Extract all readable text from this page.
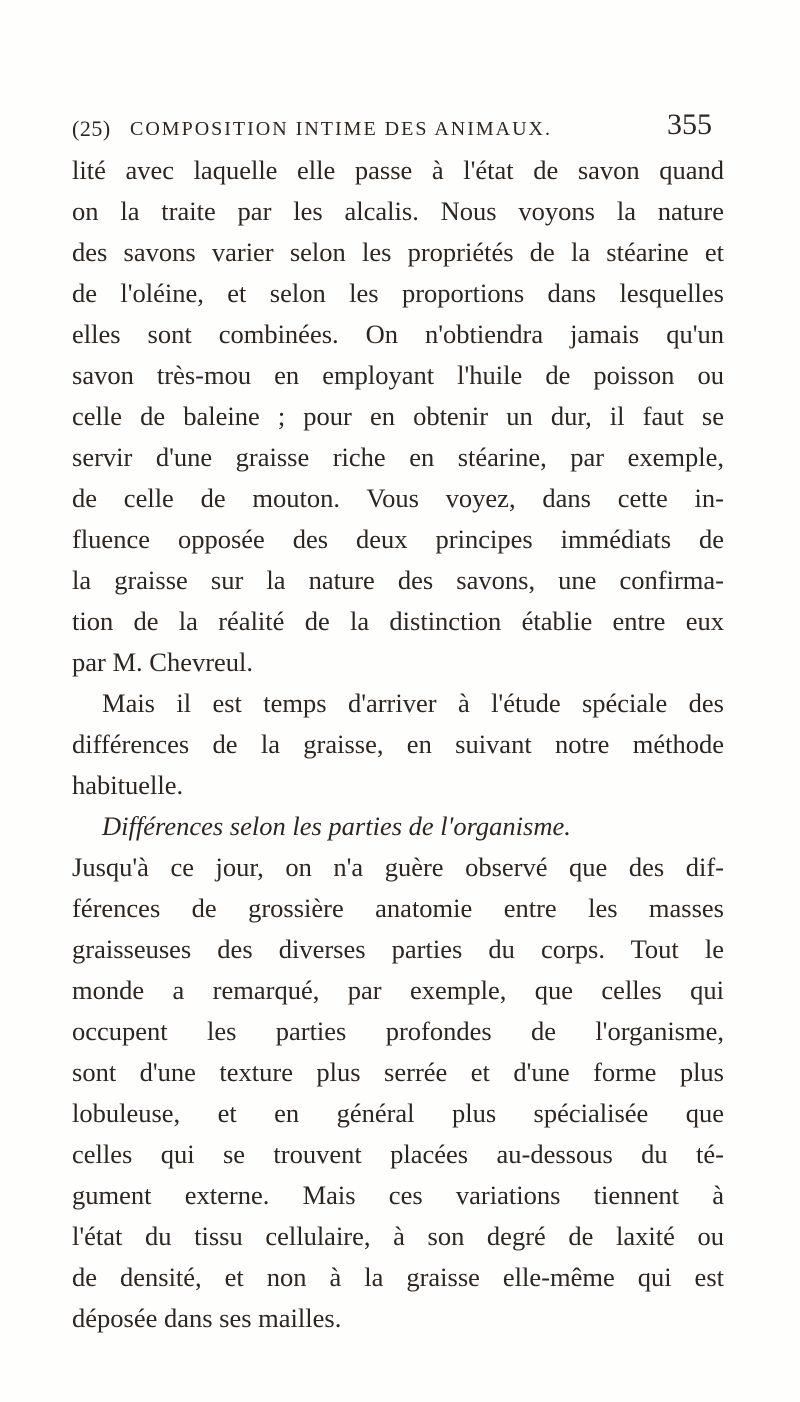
(25) COMPOSITION INTIME DES ANIMAUX.	355
lité avec laquelle elle passe à l'état de savon quand
on la traite par les alcalis. Nous voyons la nature
des savons varier selon les propriétés de la stéarine et
de l'oléine, et selon les proportions dans lesquelles
elles sont combinées. On n'obtiendra jamais qu'un
savon très-mou en employant l'huile de poisson ou
celle de baleine ; pour en obtenir un dur, il faut se
servir d'une graisse riche en stéarine, par exemple,
de celle de mouton. Vous voyez, dans cette in-
fluence opposée des deux principes immédiats de
la graisse sur la nature des savons, une confirma-
tion de la réalité de la distinction établie entre eux
par M. Chevreul.
Mais il est temps d'arriver à l'étude spéciale des
différences de la graisse, en suivant notre méthode
habituelle.
Différences selon les parties de l'organisme.
Jusqu'à ce jour, on n'a guère observé que des dif-
férences de grossière anatomie entre les masses
graisseuses des diverses parties du corps. Tout le
monde a remarqué, par exemple, que celles qui
occupent les parties profondes de l'organisme,
sont d'une texture plus serrée et d'une forme plus
lobuleuse, et en général plus spécialisée que
celles qui se trouvent placées au-dessous du té-
gument externe. Mais ces variations tiennent à
l'état du tissu cellulaire, à son degré de laxité ou
de densité, et non à la graisse elle-même qui est
déposée dans ses mailles.
